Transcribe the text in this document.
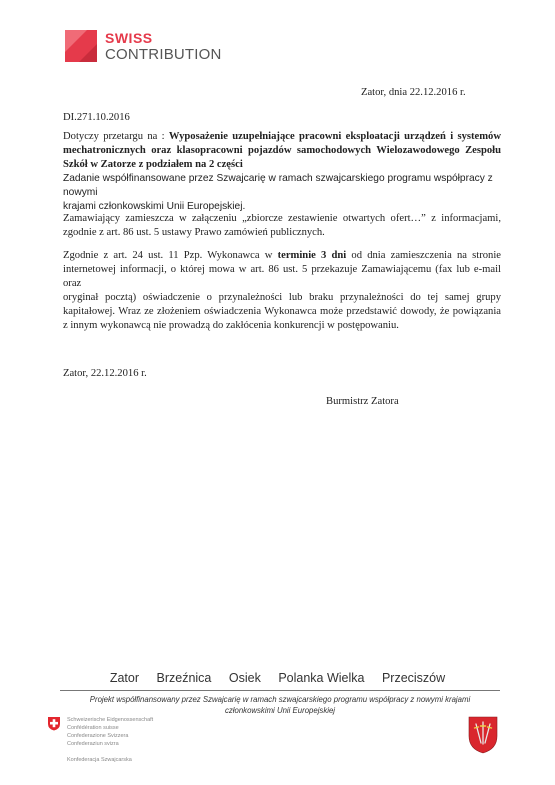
SWISS
CONTRIBUTION
Zator, dnia 22.12.2016 r.
DI.271.10.2016
Dotyczy przetargu na : Wyposażenie uzupełniające pracowni eksploatacji urządzeń i systemów
mechatronicznych oraz klasopracowni pojazdów samochodowych Wielozawodowego Zespołu
Szkół w Zatorze z podziałem na 2 części
Zadanie współfinansowane przez Szwajcarię w ramach szwajcarskiego programu współpracy z nowymi
krajami członkowskimi Unii Europejskiej.
Zamawiający zamieszcza w załączeniu „zbiorcze zestawienie otwartych ofert…” z informacjami,
zgodnie z art. 86 ust. 5 ustawy Prawo zamówień publicznych.
Zgodnie z art. 24 ust. 11 Pzp. Wykonawca w terminie 3 dni od dnia zamieszczenia na stronie
internetowej informacji, o której mowa w art. 86 ust. 5 przekazuje Zamawiającemu (fax lub e-mail oraz
oryginał pocztą) oświadczenie o przynależności lub braku przynależności do tej samej grupy
kapitałowej. Wraz ze złożeniem oświadczenia Wykonawca może przedstawić dowody, że powiązania
z innym wykonawcą nie prowadzą do zakłócenia konkurencji w postępowaniu.
Zator, 22.12.2016 r.
Burmistrz Zatora
Zator Brzeźnica Osiek Polanka Wielka Przeciszów
Projekt współfinansowany przez Szwajcarię w ramach szwajcarskiego programu współpracy z nowymi krajami
członkowskimi Unii Europejskiej
Schweizerische Eidgenossenschaft
Confédération suisse
Confederazione Svizzera
Confederaziun svizra
Konfederacja Szwajcarska
